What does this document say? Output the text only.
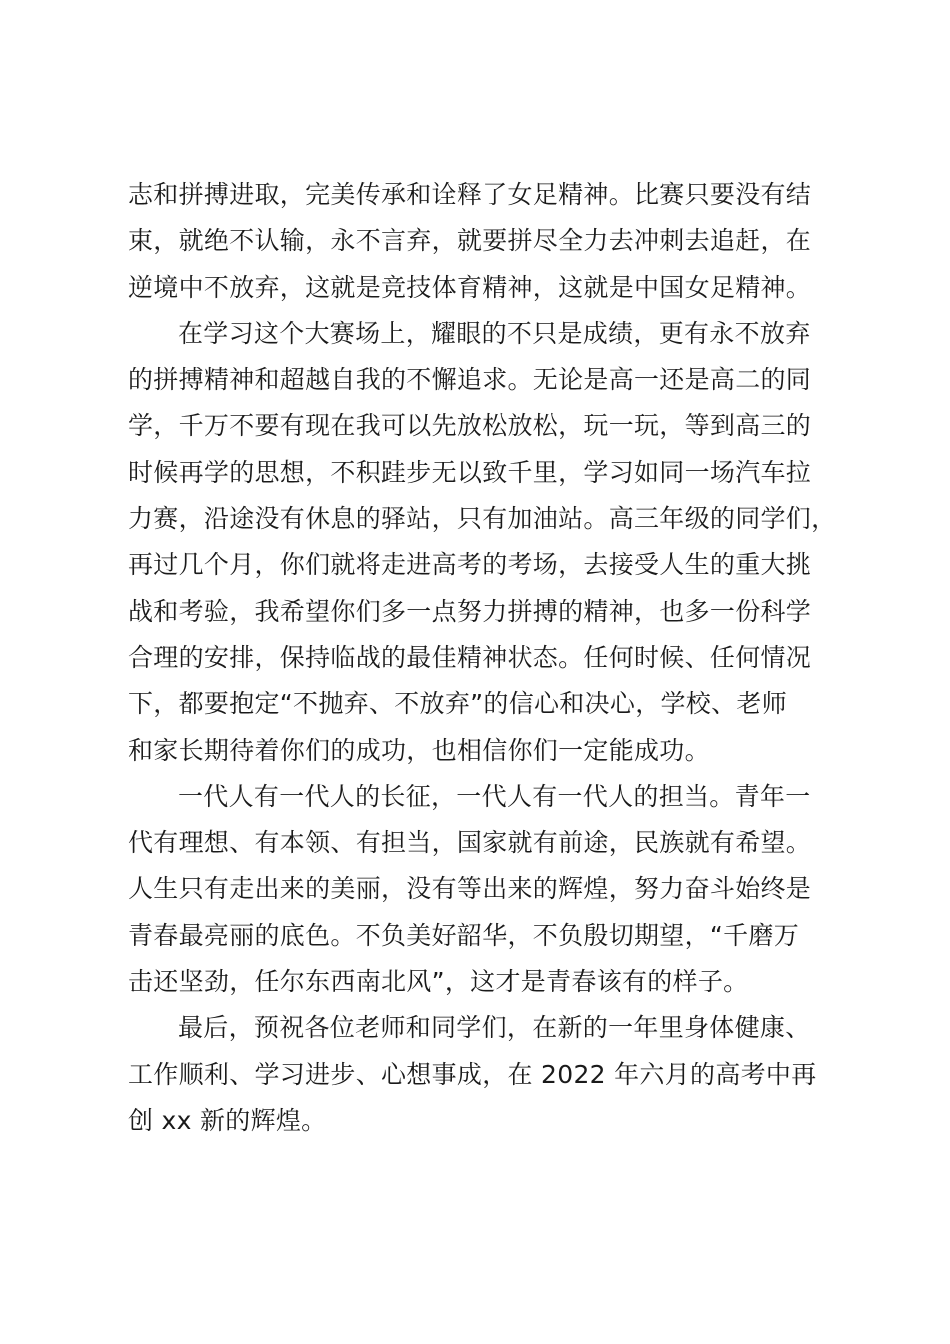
志和拼搏进取，完美传承和诠释了女足精神。比赛只要没有结
束，就绝不认输，永不言弃，就要拼尽全力去冲刺去追赶，在
逆境中不放弃，这就是竞技体育精神，这就是中国女足精神。
在学习这个大赛场上，耀眼的不只是成绩，更有永不放弃
的拼搏精神和超越自我的不懈追求。无论是高一还是高二的同
学，千万不要有现在我可以先放松放松，玩一玩，等到高三的
时候再学的思想，不积跬步无以致千里，学习如同一场汽车拉
力赛，沿途没有休息的驿站，只有加油站。高三年级的同学们，
再过几个月，你们就将走进高考的考场，去接受人生的重大挑
战和考验，我希望你们多一点努力拼搏的精神，也多一份科学
合理的安排，保持临战的最佳精神状态。任何时候、任何情况
下，都要抱定“不抛弃、不放弃”的信心和决心，学校、老师
和家长期待着你们的成功，也相信你们一定能成功。
一代人有一代人的长征，一代人有一代人的担当。青年一
代有理想、有本领、有担当，国家就有前途，民族就有希望。
人生只有走出来的美丽，没有等出来的辉煌，努力奋斗始终是
青春最亮丽的底色。不负美好韶华，不负殷切期望，“千磨万
击还坚劲，任尔东西南北风”，这才是青春该有的样子。
最后，预祝各位老师和同学们，在新的一年里身体健康、
工作顺利、学习进步、心想事成，在 2022 年六月的高考中再
创 xx 新的辉煌。
